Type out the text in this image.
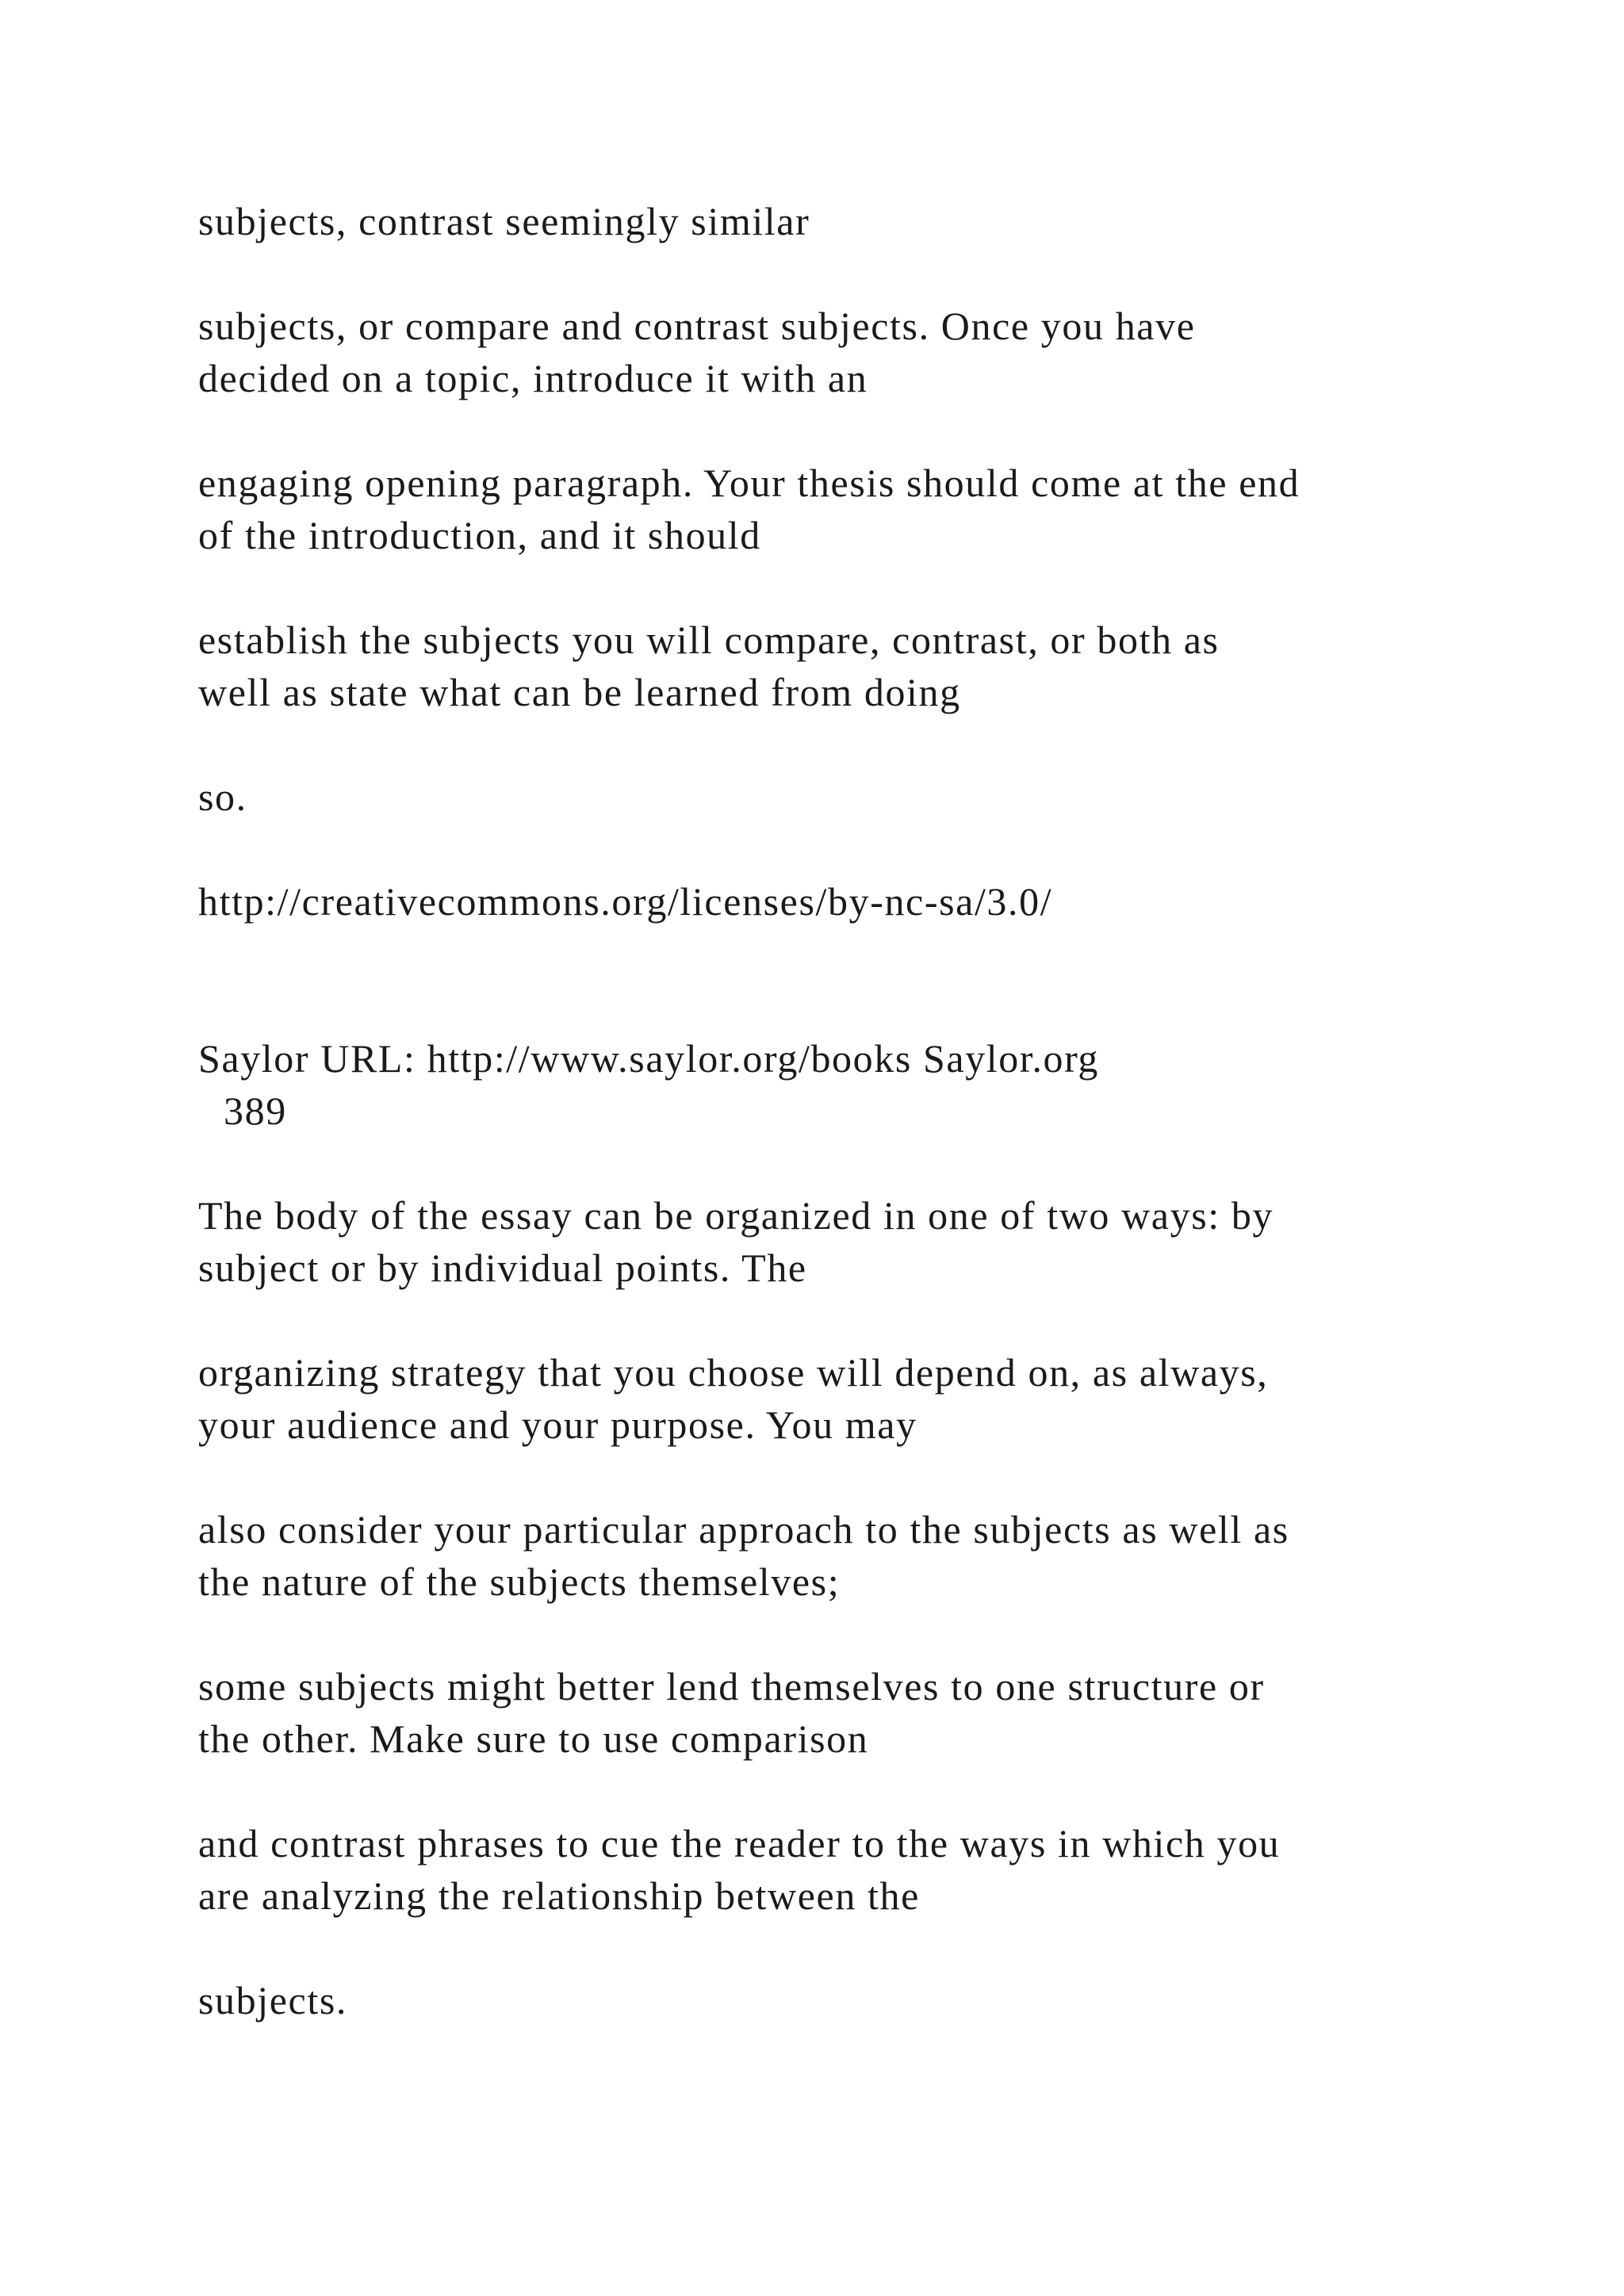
subjects, contrast seemingly similar

subjects, or compare and contrast subjects. Once you have
decided on a topic, introduce it with an

engaging opening paragraph. Your thesis should come at the end
of the introduction, and it should

establish the subjects you will compare, contrast, or both as
well as state what can be learned from doing

so.

http://creativecommons.org/licenses/by-nc-sa/3.0/

Saylor URL: http://www.saylor.org/books Saylor.org
389

The body of the essay can be organized in one of two ways: by
subject or by individual points. The

organizing strategy that you choose will depend on, as always,
your audience and your purpose. You may

also consider your particular approach to the subjects as well as
the nature of the subjects themselves;

some subjects might better lend themselves to one structure or
the other. Make sure to use comparison

and contrast phrases to cue the reader to the ways in which you
are analyzing the relationship between the

subjects.
